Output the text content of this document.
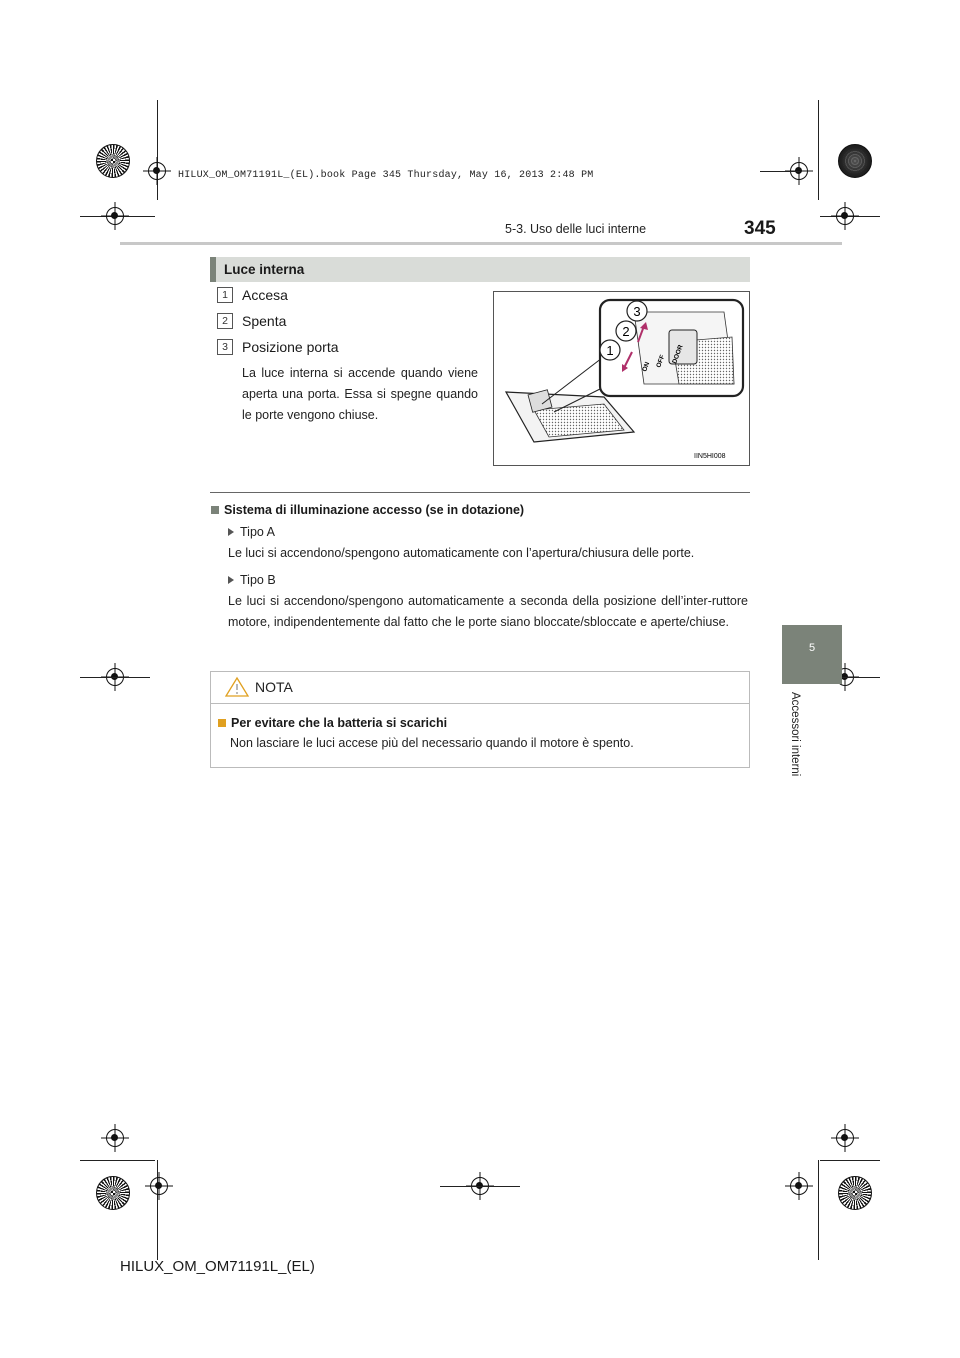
HILUX_OM_OM71191L_(EL).book Page 345 Thursday, May 16, 2013 2:48 PM
5-3. Uso delle luci interne	345
5
Accessori interni
Luce interna
1	Accesa
2	Spenta
3	Posizione porta
La luce interna si accende quando viene aperta una porta. Essa si spegne quando le porte vengono chiuse.
ON OFF DOOR
3
2
1
IIN5HI008
Sistema di illuminazione accesso (se in dotazione)
Tipo A
Le luci si accendono/spengono automaticamente con l’apertura/chiusura delle porte.
Tipo B
Le luci si accendono/spengono automaticamente a seconda della posizione dell’inter-ruttore motore, indipendentemente dal fatto che le porte siano bloccate/sbloccate e aperte/chiuse.
NOTA
Per evitare che la batteria si scarichi
Non lasciare le luci accese più del necessario quando il motore è spento.
HILUX_OM_OM71191L_(EL)
